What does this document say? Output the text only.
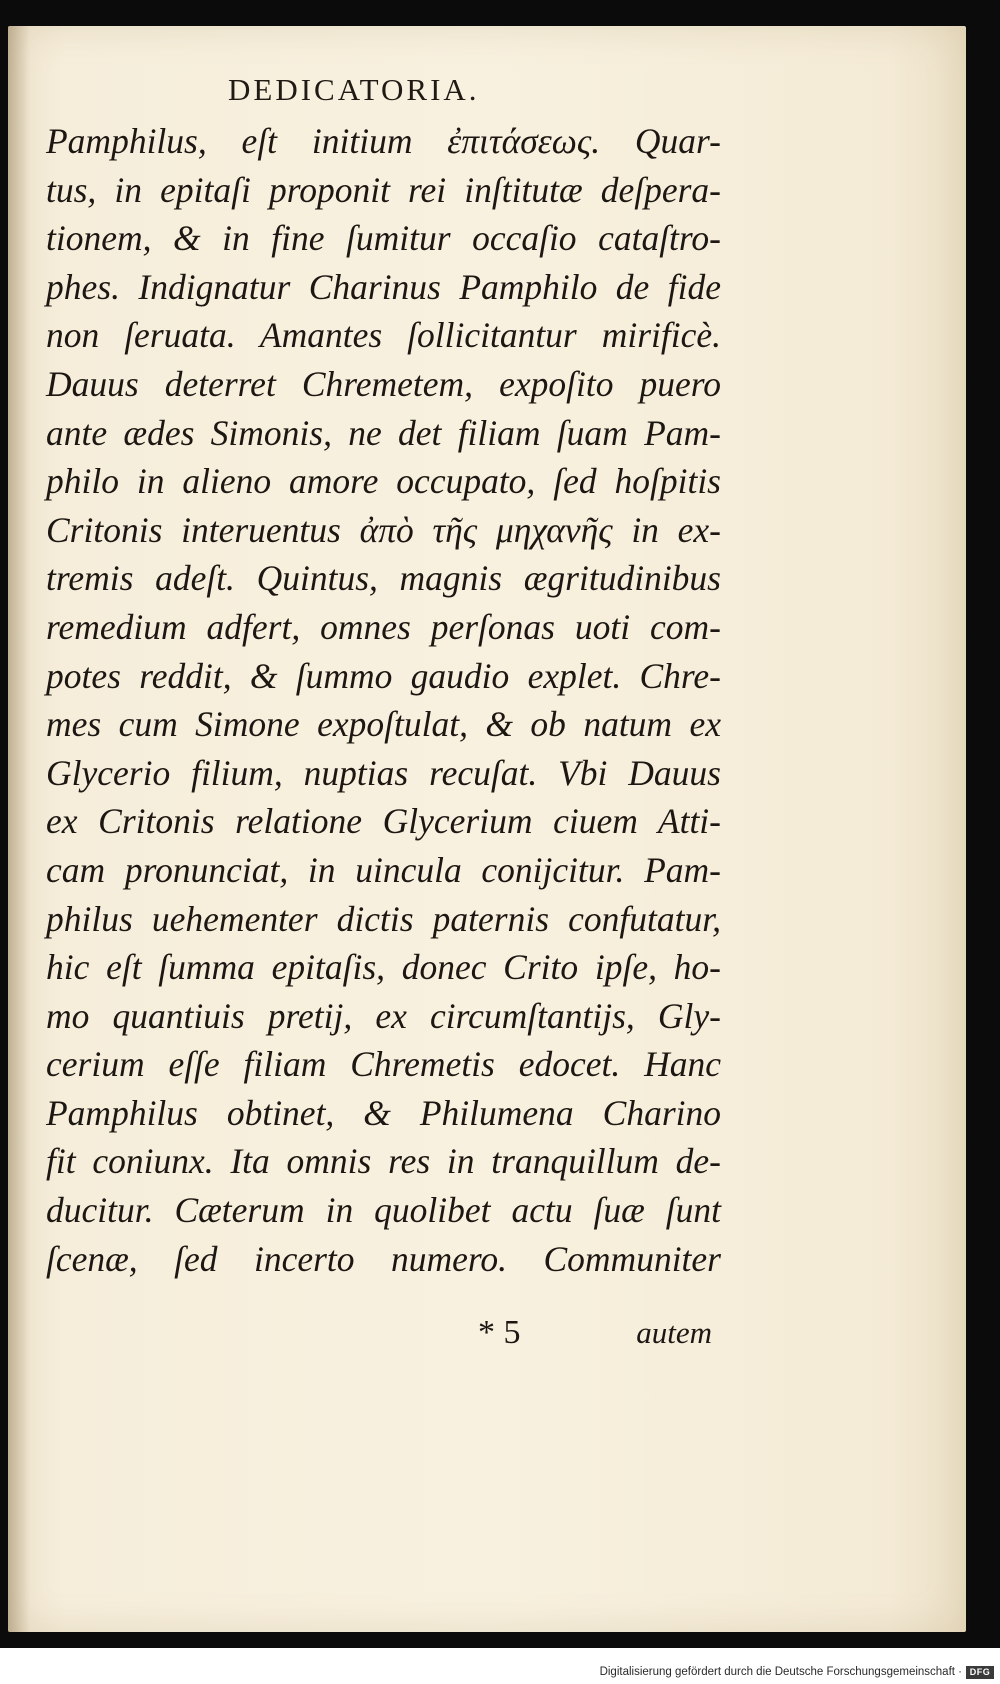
DEDICATORIA.
Pamphilus, eſt initium ἐπιτάσεως. Quar-
tus, in epitaſi proponit rei inſtitutæ deſpera-
tionem, & in fine ſumitur occaſio cataſtro-
phes. Indignatur Charinus Pamphilo de fide
non ſeruata. Amantes ſollicitantur mirificè.
Dauus deterret Chremetem, expoſito puero
ante ædes Simonis, ne det filiam ſuam Pam-
philo in alieno amore occupato, ſed hoſpitis
Critonis interuentus ἀπὸ τῆς μηχανῆς in ex-
tremis adeſt. Quintus, magnis ægritudinibus
remedium adfert, omnes perſonas uoti com-
potes reddit, & ſummo gaudio explet. Chre-
mes cum Simone expoſtulat, & ob natum ex
Glycerio filium, nuptias recuſat. Vbi Dauus
ex Critonis relatione Glycerium ciuem Atti-
cam pronunciat, in uincula conijcitur. Pam-
philus uehementer dictis paternis confutatur,
hic eſt ſumma epitaſis, donec Crito ipſe, ho-
mo quantiuis pretij, ex circumſtantijs, Gly-
cerium eſſe filiam Chremetis edocet. Hanc
Pamphilus obtinet, & Philumena Charino
fit coniunx. Ita omnis res in tranquillum de-
ducitur. Cæterum in quolibet actu ſuæ ſunt
ſcenæ, ſed incerto numero. Communiter
* 5	autem
Digitalisierung gefördert durch die Deutsche Forschungsgemeinschaft · DFG
